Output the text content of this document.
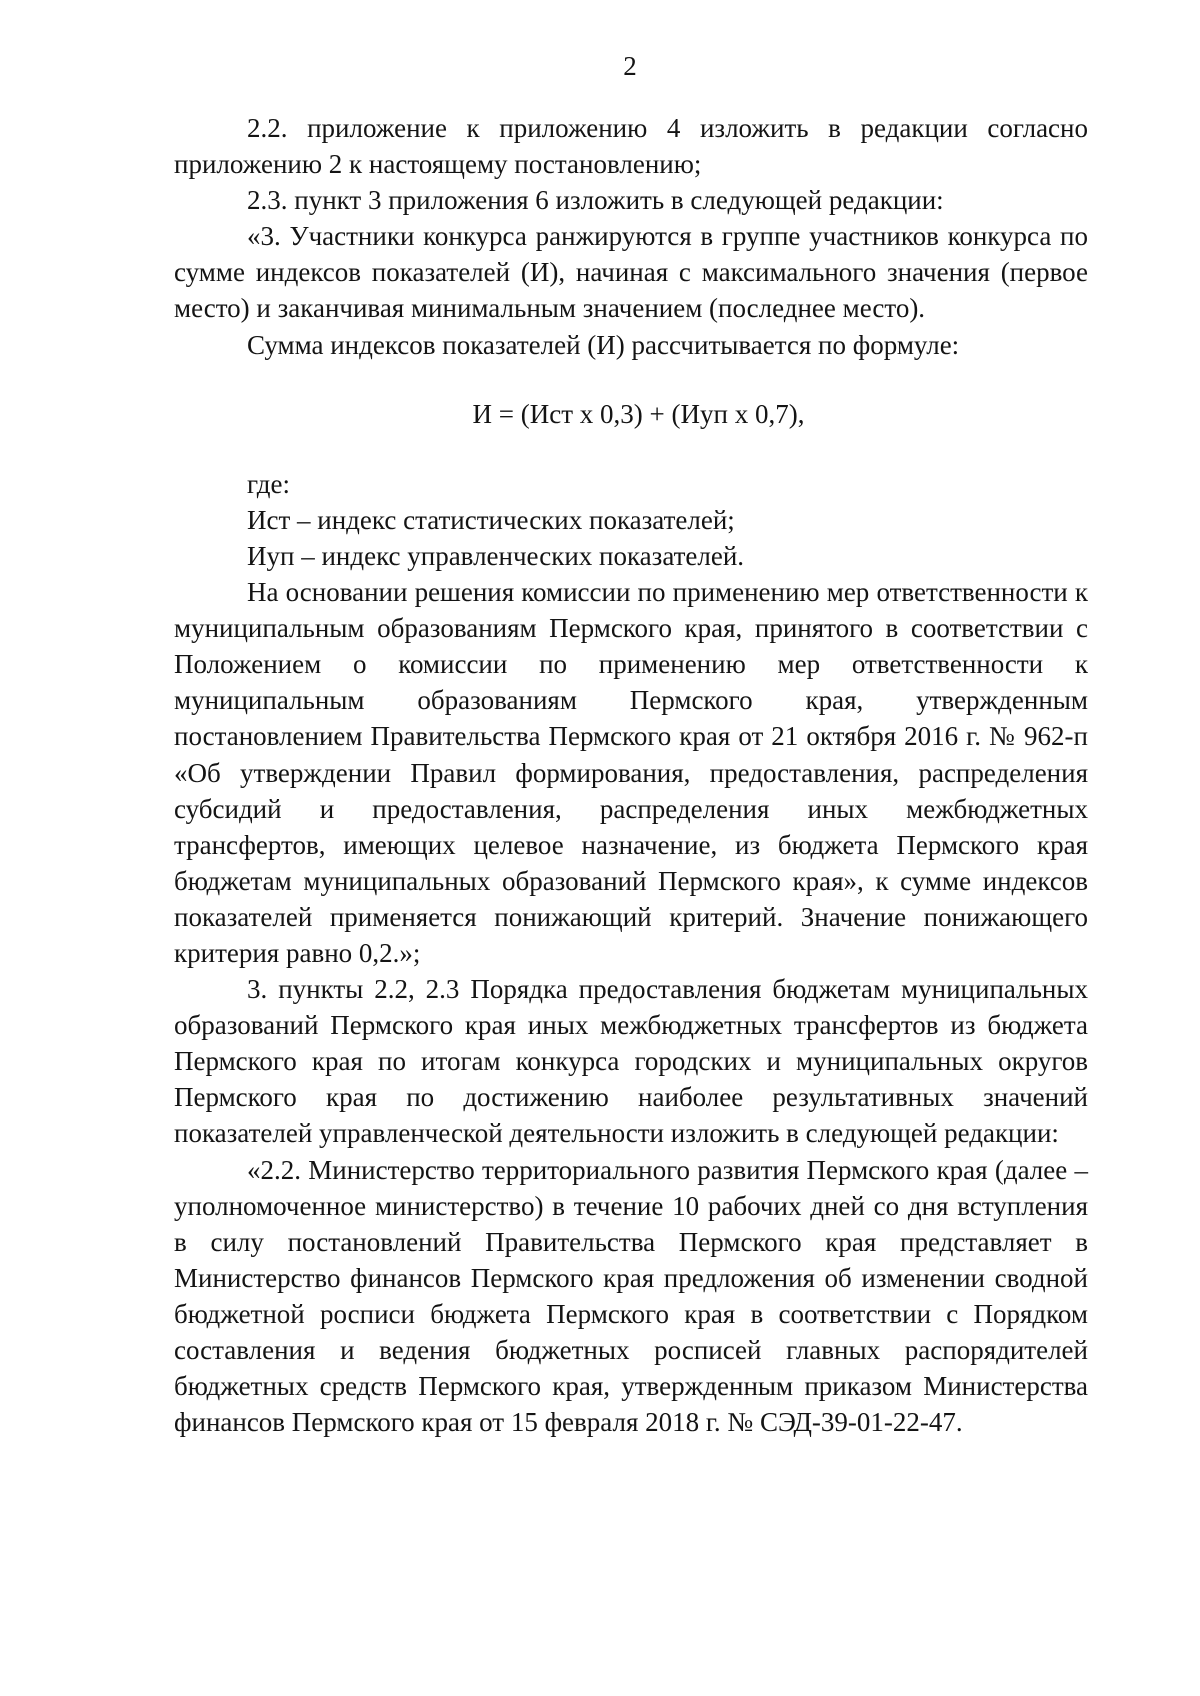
2

2.2. приложение к приложению 4 изложить в редакции согласно приложению 2 к настоящему постановлению;

2.3. пункт 3 приложения 6 изложить в следующей редакции:

«3. Участники конкурса ранжируются в группе участников конкурса по сумме индексов показателей (И), начиная с максимального значения (первое место) и заканчивая минимальным значением (последнее место).

Сумма индексов показателей (И) рассчитывается по формуле:

И = (Ист х 0,3) + (Иуп х 0,7),

где:

Ист – индекс статистических показателей;

Иуп – индекс управленческих показателей.

На основании решения комиссии по применению мер ответственности к муниципальным образованиям Пермского края, принятого в соответствии с Положением о комиссии по применению мер ответственности к муниципальным образованиям Пермского края, утвержденным постановлением Правительства Пермского края от 21 октября 2016 г. № 962-п «Об утверждении Правил формирования, предоставления, распределения субсидий и предоставления, распределения иных межбюджетных трансфертов, имеющих целевое назначение, из бюджета Пермского края бюджетам муниципальных образований Пермского края», к сумме индексов показателей применяется понижающий критерий. Значение понижающего критерия равно 0,2.»;

3. пункты 2.2, 2.3 Порядка предоставления бюджетам муниципальных образований Пермского края иных межбюджетных трансфертов из бюджета Пермского края по итогам конкурса городских и муниципальных округов Пермского края по достижению наиболее результативных значений показателей управленческой деятельности изложить в следующей редакции:

«2.2. Министерство территориального развития Пермского края (далее – уполномоченное министерство) в течение 10 рабочих дней со дня вступления в силу постановлений Правительства Пермского края представляет в Министерство финансов Пермского края предложения об изменении сводной бюджетной росписи бюджета Пермского края в соответствии с Порядком составления и ведения бюджетных росписей главных распорядителей бюджетных средств Пермского края, утвержденным приказом Министерства финансов Пермского края от 15 февраля 2018 г. № СЭД-39-01-22-47.
